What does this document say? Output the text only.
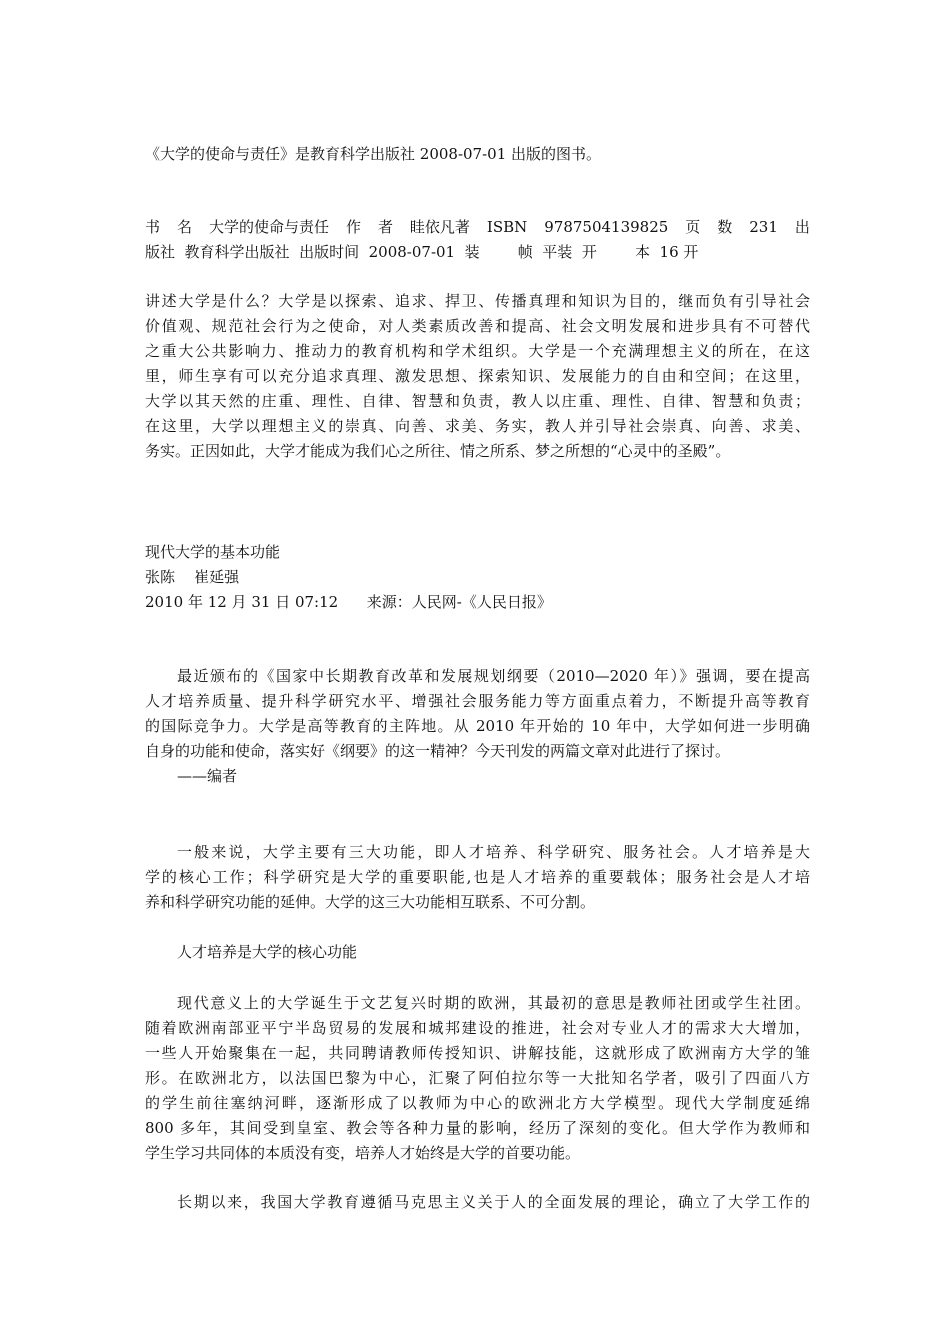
《大学的使命与责任》是教育科学出版社 2008-07-01 出版的图书。
书 名 大学的使命与责任 作 者 眭依凡著 ISBN 9787504139825 页 数 231 出
版社  教育科学出版社  出版时间  2008-07-01  装        帧  平装  开        本  16 开
讲述大学是什么？大学是以探索、追求、捍卫、传播真理和知识为目的，继而负有引导社会
价值观、规范社会行为之使命，对人类素质改善和提高、社会文明发展和进步具有不可替代
之重大公共影响力、推动力的教育机构和学术组织。大学是一个充满理想主义的所在，在这
里，师生享有可以充分追求真理、激发思想、探索知识、发展能力的自由和空间；在这里，
大学以其天然的庄重、理性、自律、智慧和负责，教人以庄重、理性、自律、智慧和负责；
在这里，大学以理想主义的崇真、向善、求美、务实，教人并引导社会崇真、向善、求美、
务实。正因如此，大学才能成为我们心之所往、情之所系、梦之所想的“心灵中的圣殿”。
现代大学的基本功能
张陈    崔延强
2010 年 12 月 31 日 07:12      来源：人民网-《人民日报》
最近颁布的《国家中长期教育改革和发展规划纲要（2010—2020 年）》强调，要在提高
人才培养质量、提升科学研究水平、增强社会服务能力等方面重点着力，不断提升高等教育
的国际竞争力。大学是高等教育的主阵地。从 2010 年开始的 10 年中，大学如何进一步明确
自身的功能和使命，落实好《纲要》的这一精神？今天刊发的两篇文章对此进行了探讨。
——编者
一般来说，大学主要有三大功能，即人才培养、科学研究、服务社会。人才培养是大
学的核心工作；科学研究是大学的重要职能,也是人才培养的重要载体；服务社会是人才培
养和科学研究功能的延伸。大学的这三大功能相互联系、不可分割。
人才培养是大学的核心功能
现代意义上的大学诞生于文艺复兴时期的欧洲，其最初的意思是教师社团或学生社团。
随着欧洲南部亚平宁半岛贸易的发展和城邦建设的推进，社会对专业人才的需求大大增加，
一些人开始聚集在一起，共同聘请教师传授知识、讲解技能，这就形成了欧洲南方大学的雏
形。在欧洲北方，以法国巴黎为中心，汇聚了阿伯拉尔等一大批知名学者，吸引了四面八方
的学生前往塞纳河畔，逐渐形成了以教师为中心的欧洲北方大学模型。现代大学制度延绵
800 多年，其间受到皇室、教会等各种力量的影响，经历了深刻的变化。但大学作为教师和
学生学习共同体的本质没有变，培养人才始终是大学的首要功能。
长期以来，我国大学教育遵循马克思主义关于人的全面发展的理论，确立了大学工作的
